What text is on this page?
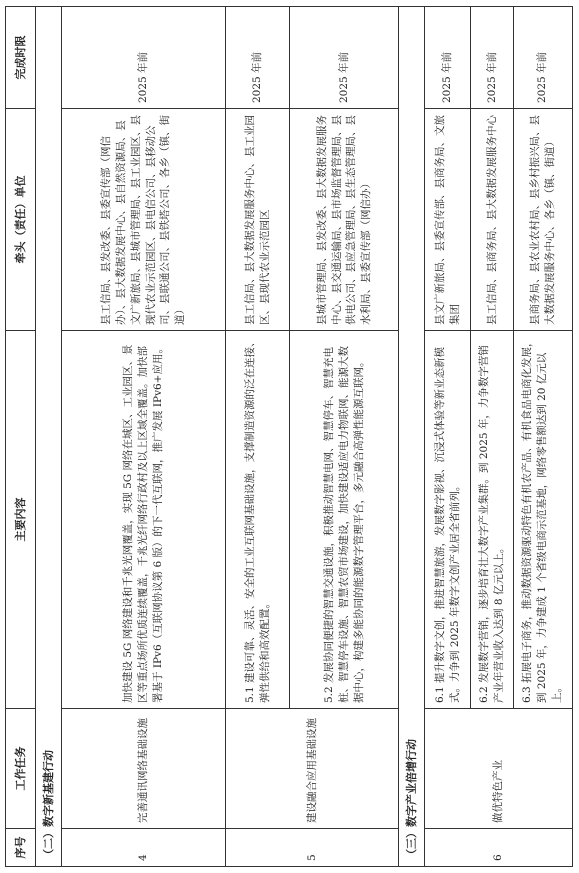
序号	工作任务	主要内容	牵头（责任）单位	完成时限
（二）数字新基建行动				
4	完善通讯网络基础设施	加快建设 5G 网络建设和千兆光网覆盖，实现 5G 网络在城区、工业园区、景区等重点场所优质连续覆盖，千兆光纤网络行政村及以上区域全覆盖。加快部署基于 IPv6（互联网协议第 6 版）的下一代互联网，推广发展 IPv6+应用。	县工信局、县发改委、县委宣传部（网信办）、县大数据发展中心、县自然资源局、县文广新旅局、县城市管理局、县工业园区、县现代农业示范园区、县电信公司、县移动公司、县联通公司、县铁塔公司、各乡（镇、街道）	2025 年前
5	建设融合应用基础设施	5.1 建设可靠、灵活、安全的工业互联网基础设施，支撑制造资源的泛在连接、弹性供给和高效配置。	县工信局、县大数据发展服务中心、县工业园区、县现代农业示范园区	2025 年前
		5.2 发展协同便捷的智慧交通设施，积极推动智慧电网、智慧停车、智慧充电桩、智慧停车设施、智慧农贸市场建设，加快建设适应电力物联网、能源大数据中心，构建多能协同的能源数字管理平台，多元融合高弹性能源互联网。	县城市管理局、县发改委、县大数据发展服务中心、县交通运输局、县市场监督管理局、县供电公司、县应急管理局、县生态管理局、县水利局、县委宣传部（网信办）	2025 年前
（三）数字产业倍增行动				
6	做优特色产业	6.1 提升数字文创，推进智慧旅游，发展数字影视、沉浸式体验等新业态新模式。力争到 2025 年数字文创产业居全省前列。	县文广新旅局、县委宣传部、县商务局、文旅集团	2025 年前
		6.2 发展数字营销，逐步培育壮大数字产业集群。到 2025 年，力争数字营销产业年营业收入达到 8 亿元以上。	县工信局、县商务局、县大数据发展服务中心	2025 年前
		6.3 拓展电子商务，推动数据资源驱动特色有机农产品、有机食品电商化发展，到 2025 年，力争建成 1 个省级电商示范基地，网络零售额达到 20 亿元以上。	县商务局、县农业农村局、县乡村振兴局、县大数据发展服务中心、各乡（镇、街道）	2025 年前
